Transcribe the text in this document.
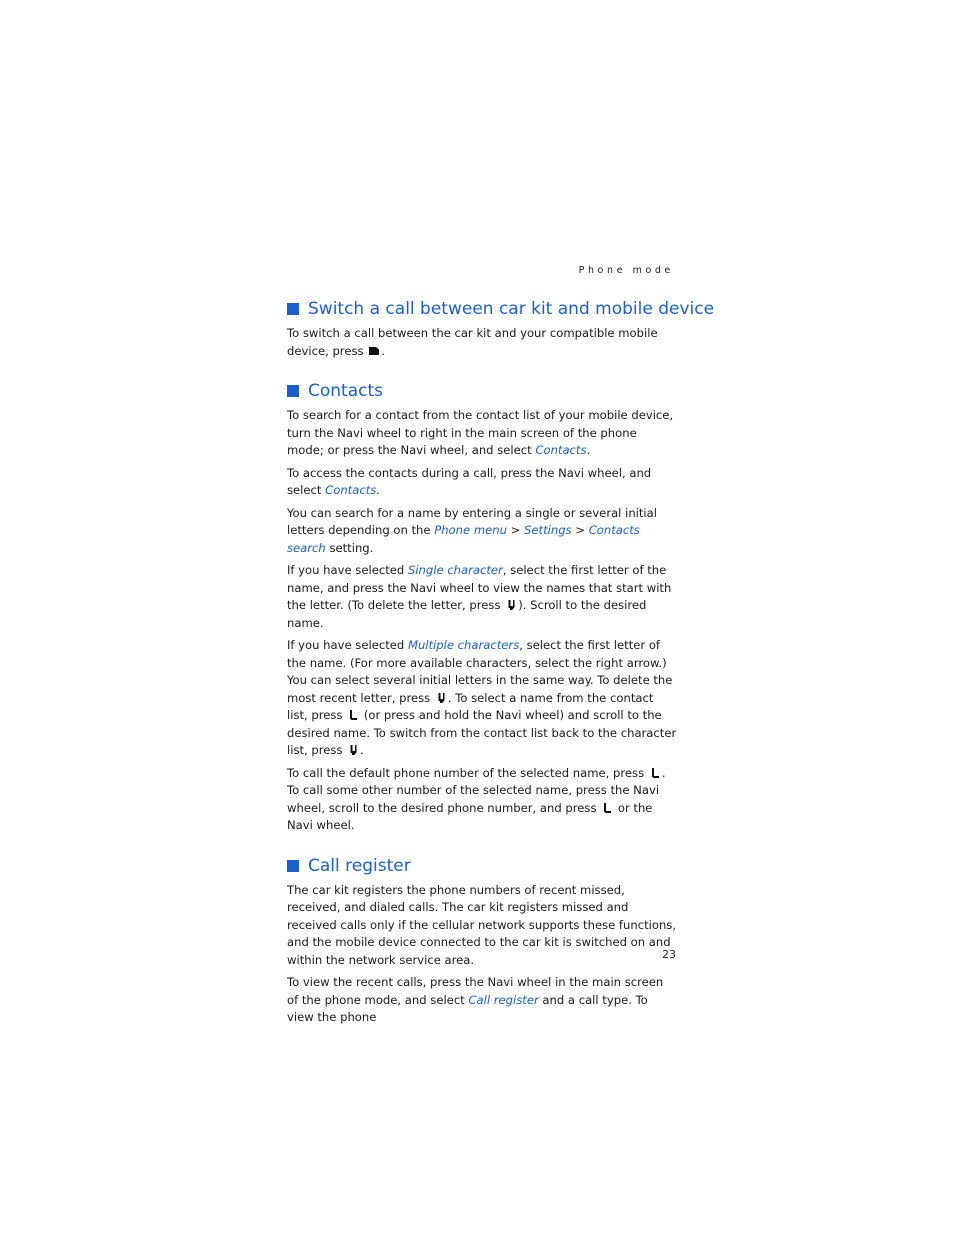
Phone mode
Switch a call between car kit and mobile device

To switch a call between the car kit and your compatible mobile device, press
.

Contacts

To search for a contact from the contact list of your mobile device, turn the Navi wheel to right in the main screen of the phone mode; or press the Navi wheel, and select Contacts.

To access the contacts during a call, press the Navi wheel, and select Contacts.

You can search for a name by entering a single or several initial letters depending on the Phone menu > Settings > Contacts search setting.

If you have selected Single character, select the first letter of the name, and press the Navi wheel to view the names that start with the letter. (To delete the letter, press
). Scroll to the desired name.

If you have selected Multiple characters, select the first letter of the name. (For more available characters, select the right arrow.) You can select several initial letters in the same way. To delete the most recent letter, press
. To select a name from the contact list, press
(or press and hold the Navi wheel) and scroll to the desired name. To switch from the contact list back to the character list, press
.

To call the default phone number of the selected name, press
. To call some other number of the selected name, press the Navi wheel, scroll to the desired phone number, and press
or the Navi wheel.

Call register

The car kit registers the phone numbers of recent missed, received, and dialed calls. The car kit registers missed and received calls only if the cellular network supports these functions, and the mobile device connected to the car kit is switched on and within the network service area.

To view the recent calls, press the Navi wheel in the main screen of the phone mode, and select Call register and a call type. To view the phone

23
